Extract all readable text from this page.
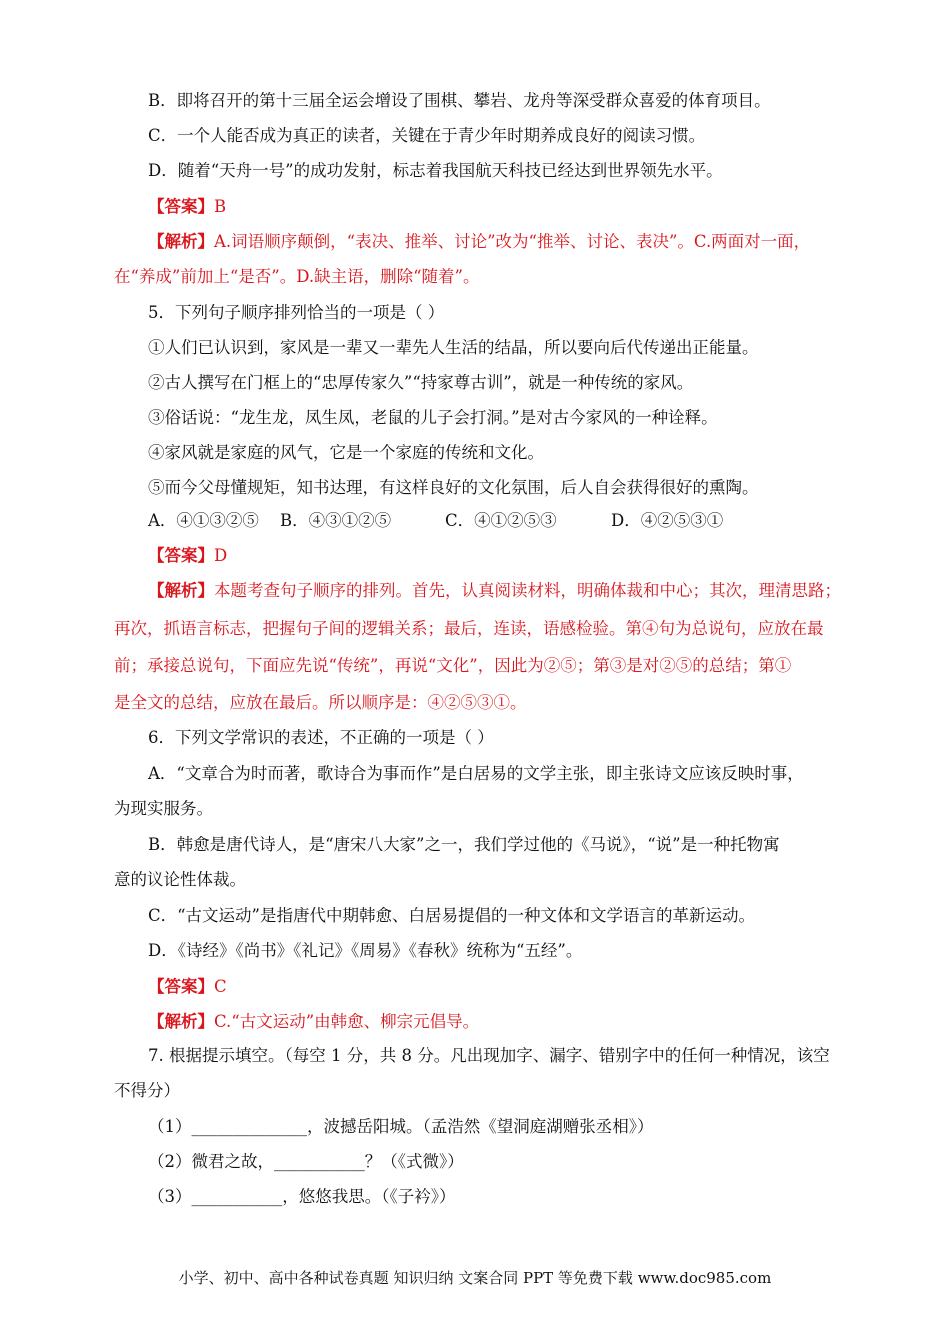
B．即将召开的第十三届全运会增设了围棋、攀岩、龙舟等深受群众喜爱的体育项目。

C．一个人能否成为真正的读者，关键在于青少年时期养成良好的阅读习惯。

D．随着“天舟一号”的成功发射，标志着我国航天科技已经达到世界领先水平。

【答案】B

【解析】A.词语顺序颠倒，“表决、推举、讨论”改为“推举、讨论、表决”。C.两面对一面，

在“养成”前加上“是否”。D.缺主语，删除“随着”。

5．下列句子顺序排列恰当的一项是（ ）

①人们已认识到，家风是一辈又一辈先人生活的结晶，所以要向后代传递出正能量。

②古人撰写在门框上的“忠厚传家久”“持家尊古训”，就是一种传统的家风。

③俗话说：“龙生龙，凤生凤，老鼠的儿子会打洞。”是对古今家风的一种诠释。

④家风就是家庭的风气，它是一个家庭的传统和文化。

⑤而今父母懂规矩，知书达理，有这样良好的文化氛围，后人自会获得很好的熏陶。

A．④①③②⑤ B．④③①②⑤	C．④①②⑤③	D．④②⑤③①

【答案】D

【解析】本题考查句子顺序的排列。首先，认真阅读材料，明确体裁和中心；其次，理清思路；

再次，抓语言标志，把握句子间的逻辑关系；最后，连读，语感检验。第④句为总说句，应放在最

前；承接总说句，下面应先说“传统”，再说“文化”，因此为②⑤；第③是对②⑤的总结；第①

是全文的总结，应放在最后。所以顺序是：④②⑤③①。

6．下列文学常识的表述，不正确的一项是（ ）

A．“文章合为时而著，歌诗合为事而作”是白居易的文学主张，即主张诗文应该反映时事，

为现实服务。

B．韩愈是唐代诗人，是“唐宋八大家”之一，我们学过他的《马说》，“说”是一种托物寓

意的议论性体裁。

C．“古文运动”是指唐代中期韩愈、白居易提倡的一种文体和文学语言的革新运动。

D．《诗经》《尚书》《礼记》《周易》《春秋》统称为“五经”。

【答案】C

【解析】C.“古文运动”由韩愈、柳宗元倡导。

7. 根据提示填空。（每空 1 分，共 8 分。凡出现加字、漏字、错别字中的任何一种情况，该空

不得分）

（1）______________，波撼岳阳城。（孟浩然《望洞庭湖赠张丞相》）

（2）微君之故，___________？（《式微》）

（3）___________，悠悠我思。（《子衿》）

小学、初中、高中各种试卷真题 知识归纳 文案合同 PPT 等免费下载 www.doc985.com
